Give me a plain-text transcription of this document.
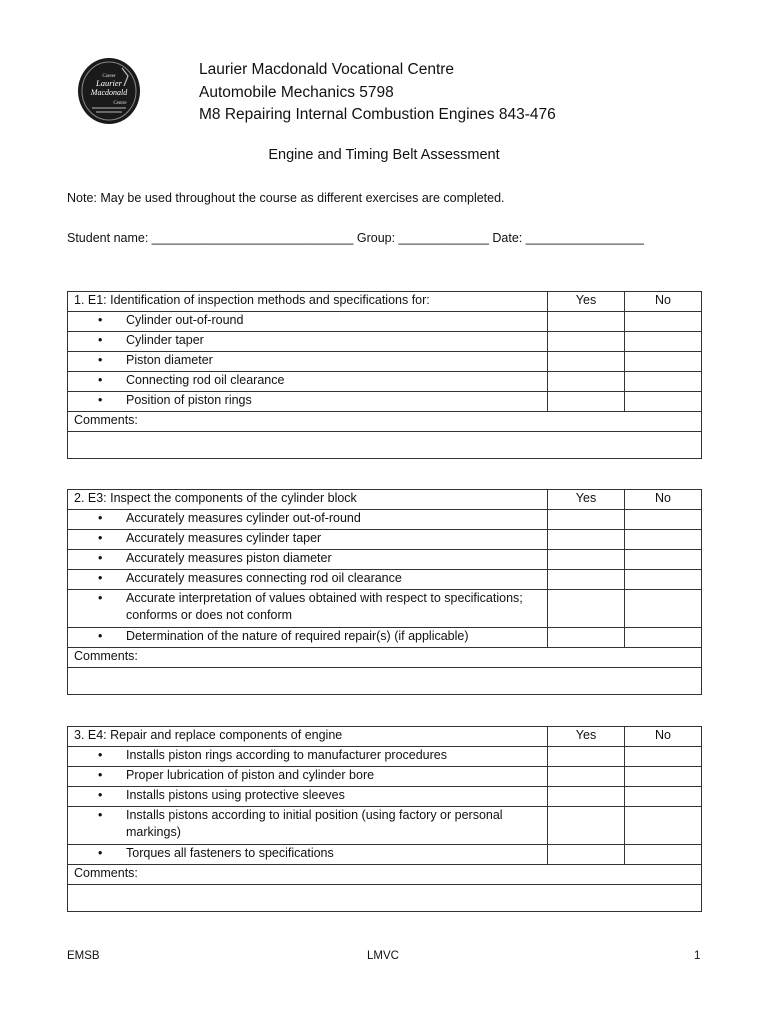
Career
Laurier
Macdonald
Centre
Laurier Macdonald Vocational Centre
Automobile Mechanics 5798
M8 Repairing Internal Combustion Engines 843-476
Engine and Timing Belt Assessment
Note: May be used throughout the course as different exercises are completed.
Student name: _____________________________ Group: _____________ Date: _________________
1. E1: Identification of inspection methods and specifications for:	Yes	No

• Cylinder out-of-round		

• Cylinder taper		

• Piston diameter		

• Connecting rod oil clearance		

• Position of piston rings		

Comments:		

2. E3: Inspect the components of the cylinder block	Yes	No

• Accurately measures cylinder out-of-round		

• Accurately measures cylinder taper		

• Accurately measures piston diameter		

• Accurately measures connecting rod oil clearance		

• Accurate interpretation of values obtained with respect to specifications; conforms or does not conform		

• Determination of the nature of required repair(s) (if applicable)		

Comments:		

3. E4: Repair and replace components of engine	Yes	No

• Installs piston rings according to manufacturer procedures		

• Proper lubrication of piston and cylinder bore		

• Installs pistons using protective sleeves		

• Installs pistons according to initial position (using factory or personal markings)		

• Torques all fasteners to specifications		

Comments:		

EMSB	LMVC	1
